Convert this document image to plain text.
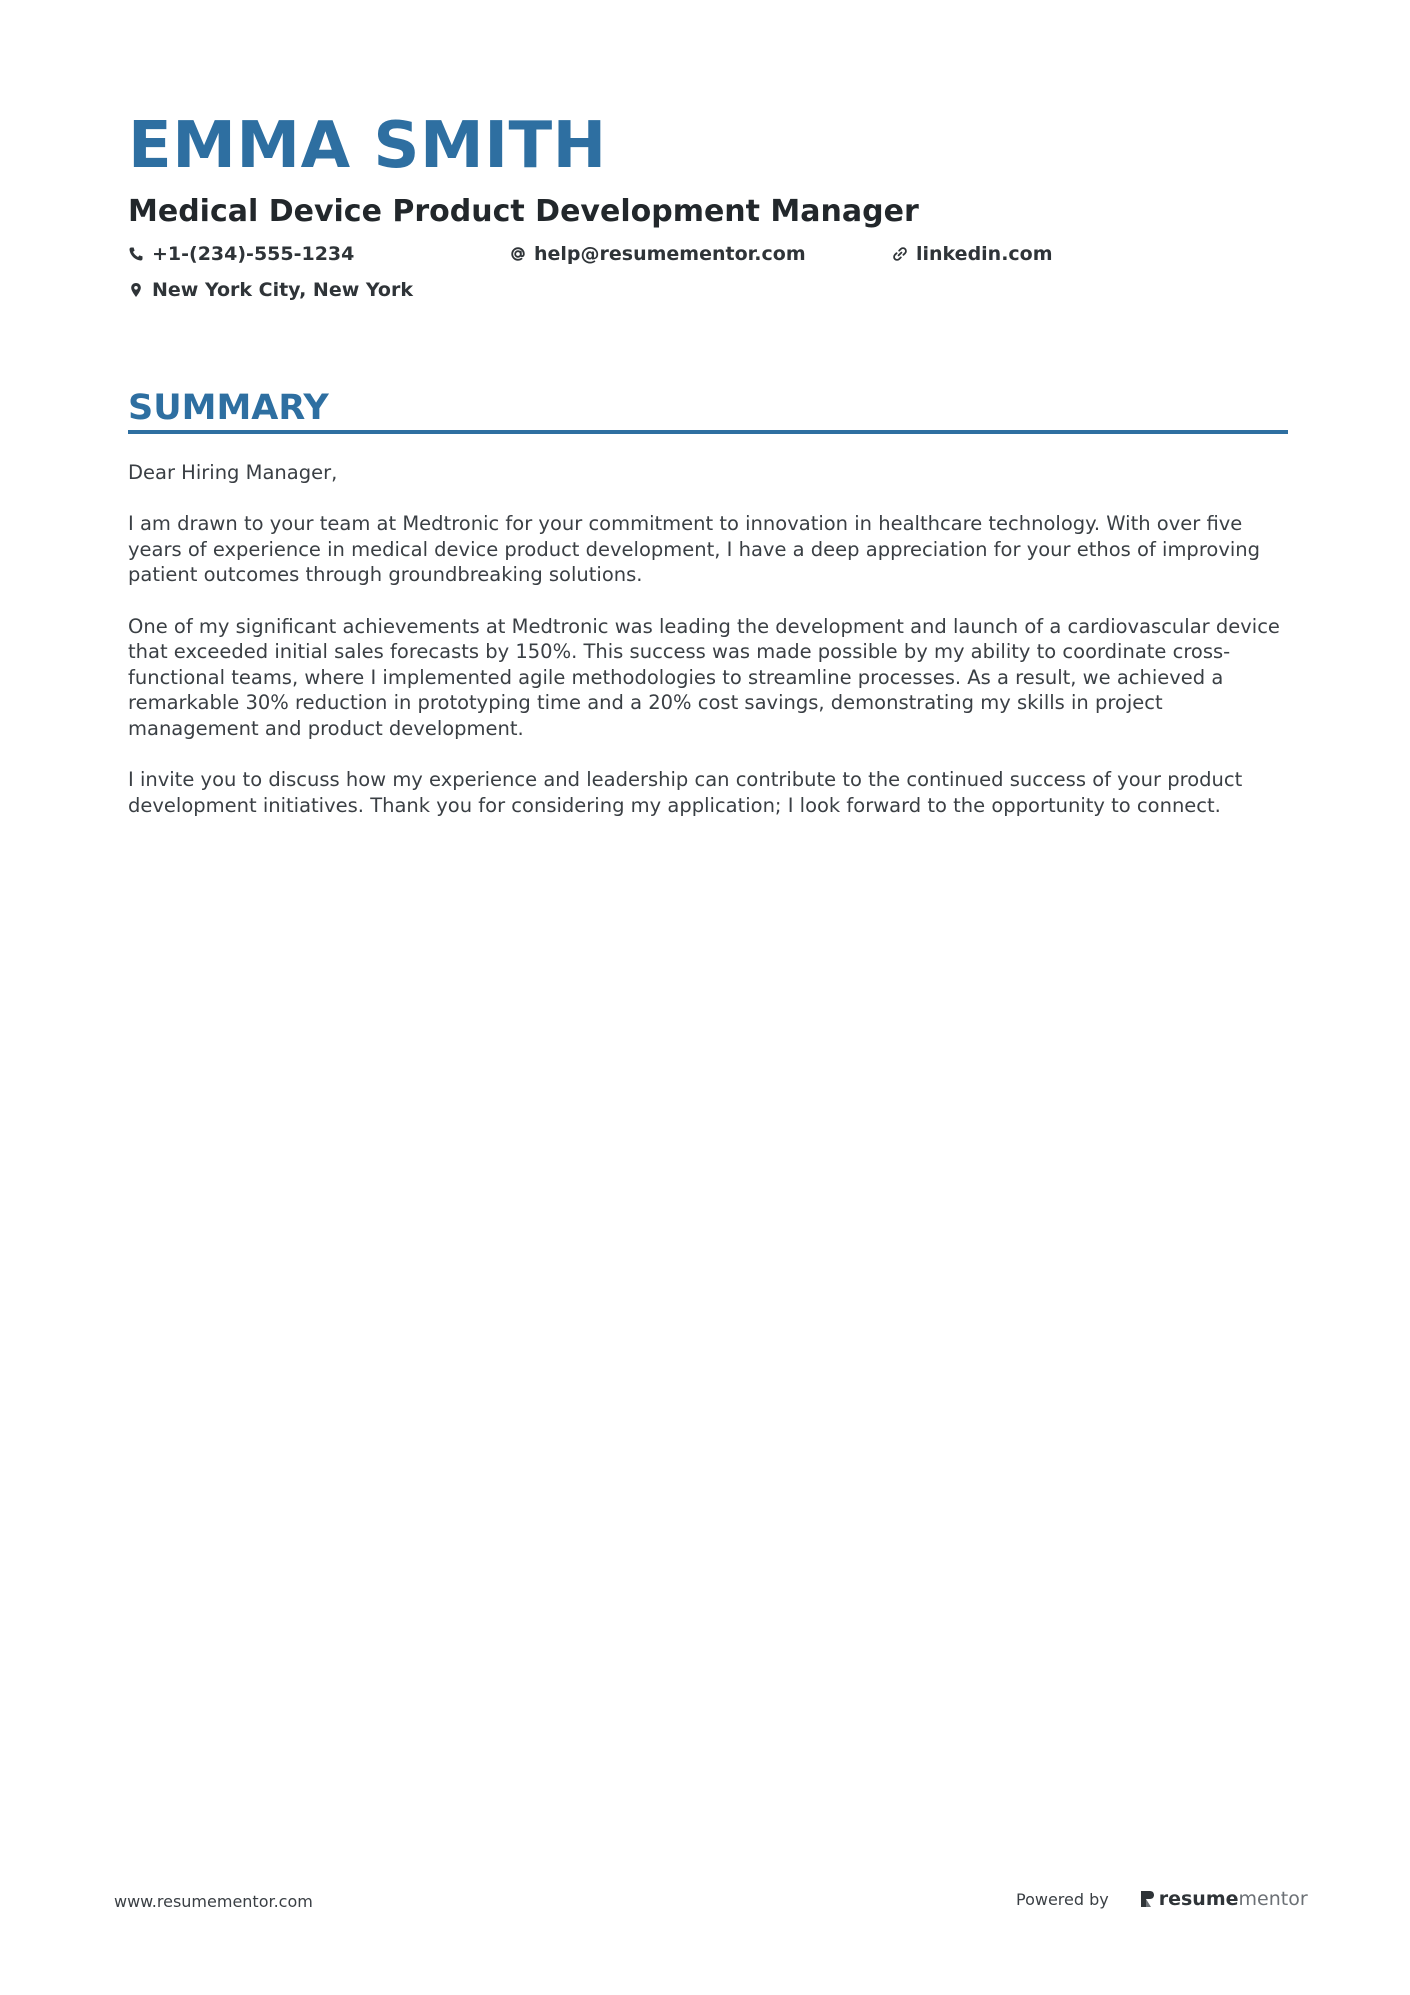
EMMA SMITH
Medical Device Product Development Manager
+1-(234)-555-1234	help@resumementor.com	linkedin.com
New York City, New York
SUMMARY

Dear Hiring Manager,

I am drawn to your team at Medtronic for your commitment to innovation in healthcare technology. With over five years of experience in medical device product development, I have a deep appreciation for your ethos of improving patient outcomes through groundbreaking solutions.

One of my significant achievements at Medtronic was leading the development and launch of a cardiovascular device that exceeded initial sales forecasts by 150%. This success was made possible by my ability to coordinate cross-functional teams, where I implemented agile methodologies to streamline processes. As a result, we achieved a remarkable 30% reduction in prototyping time and a 20% cost savings, demonstrating my skills in project management and product development.

I invite you to discuss how my experience and leadership can contribute to the continued success of your product development initiatives. Thank you for considering my application; I look forward to the opportunity to connect.

www.resumementor.com	Powered by	resume mentor
